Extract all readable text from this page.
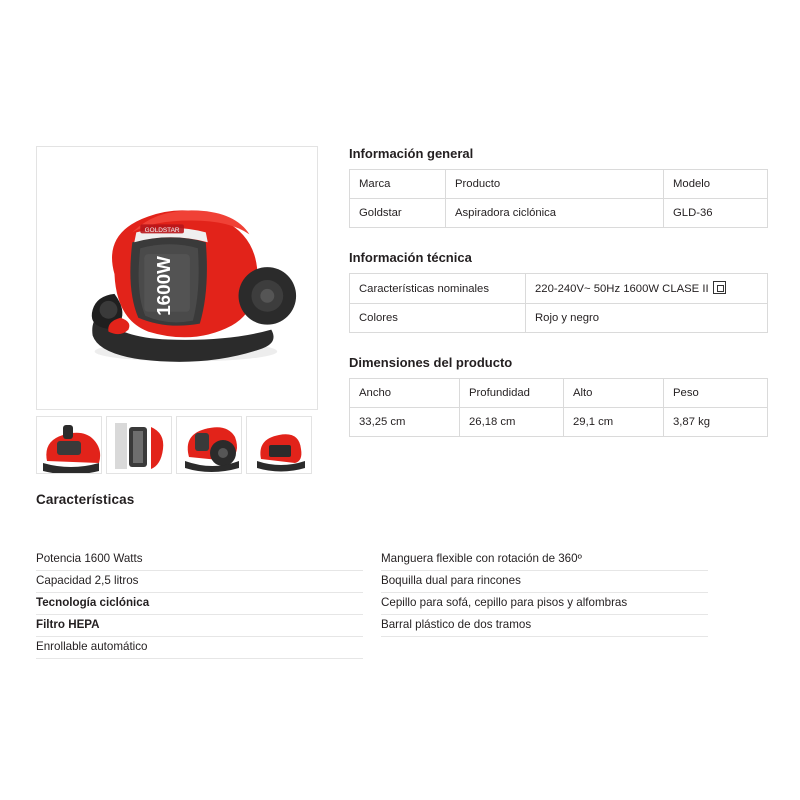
1600W
GOLDSTAR
Características
Potencia 1600 Watts
Capacidad 2,5 litros
Tecnología ciclónica
Filtro HEPA
Enrollable automático
Manguera flexible con rotación de 360º
Boquilla dual para rincones
Cepillo para sofá, cepillo para pisos y alfombras
Barral plástico de dos tramos
Información general
Marca	Producto	Modelo
Goldstar	Aspiradora ciclónica	GLD-36
Información técnica
Características nominales	220-240V~ 50Hz 1600W CLASE II
Colores	Rojo y negro
Dimensiones del producto
Ancho	Profundidad	Alto	Peso
33,25 cm	26,18 cm	29,1 cm	3,87 kg
